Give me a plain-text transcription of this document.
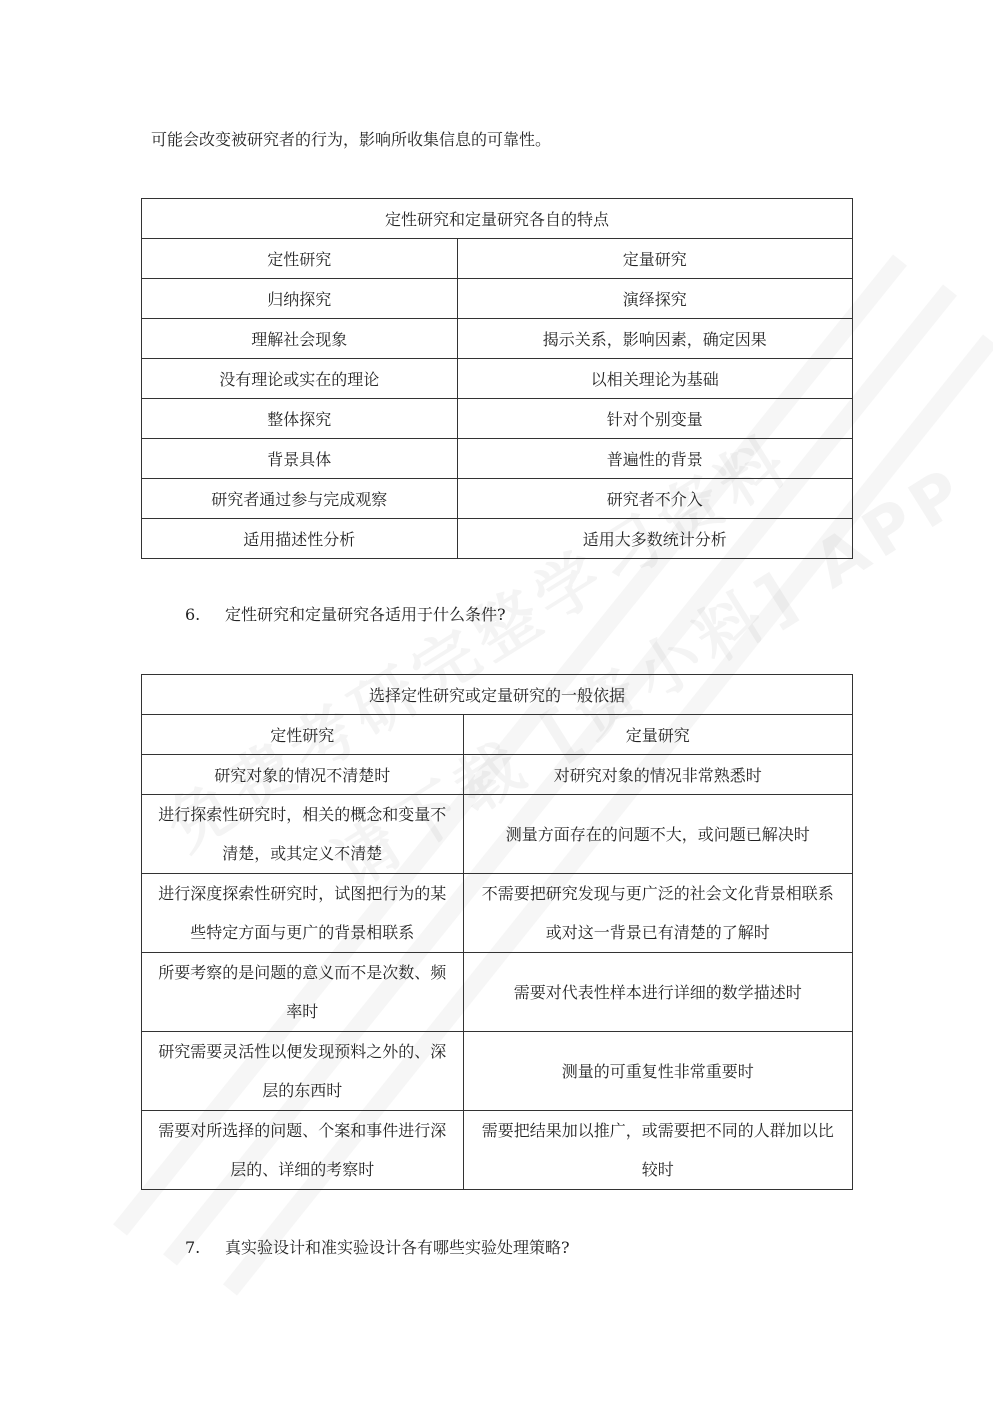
可能会改变被研究者的行为，影响所收集信息的可靠性。
定性研究和定量研究各自的特点	
定性研究	定量研究
归纳探究	演绎探究
理解社会现象	揭示关系，影响因素，确定因果
没有理论或实在的理论	以相关理论为基础
整体探究	针对个别变量
背景具体	普遍性的背景
研究者通过参与完成观察	研究者不介入
适用描述性分析	适用大多数统计分析
6. 定性研究和定量研究各适用于什么条件?
选择定性研究或定量研究的一般依据	
定性研究	定量研究
研究对象的情况不清楚时	对研究对象的情况非常熟悉时
进行探索性研究时，相关的概念和变量不清楚，或其定义不清楚	测量方面存在的问题不大，或问题已解决时
进行深度探索性研究时，试图把行为的某些特定方面与更广的背景相联系	不需要把研究发现与更广泛的社会文化背景相联系或对这一背景已有清楚的了解时
所要考察的是问题的意义而不是次数、频率时	需要对代表性样本进行详细的数学描述时
研究需要灵活性以便发现预料之外的、深层的东西时	测量的可重复性非常重要时
需要对所选择的问题、个案和事件进行深层的、详细的考察时	需要把结果加以推广，或需要把不同的人群加以比较时
7. 真实验设计和准实验设计各有哪些实验处理策略?
